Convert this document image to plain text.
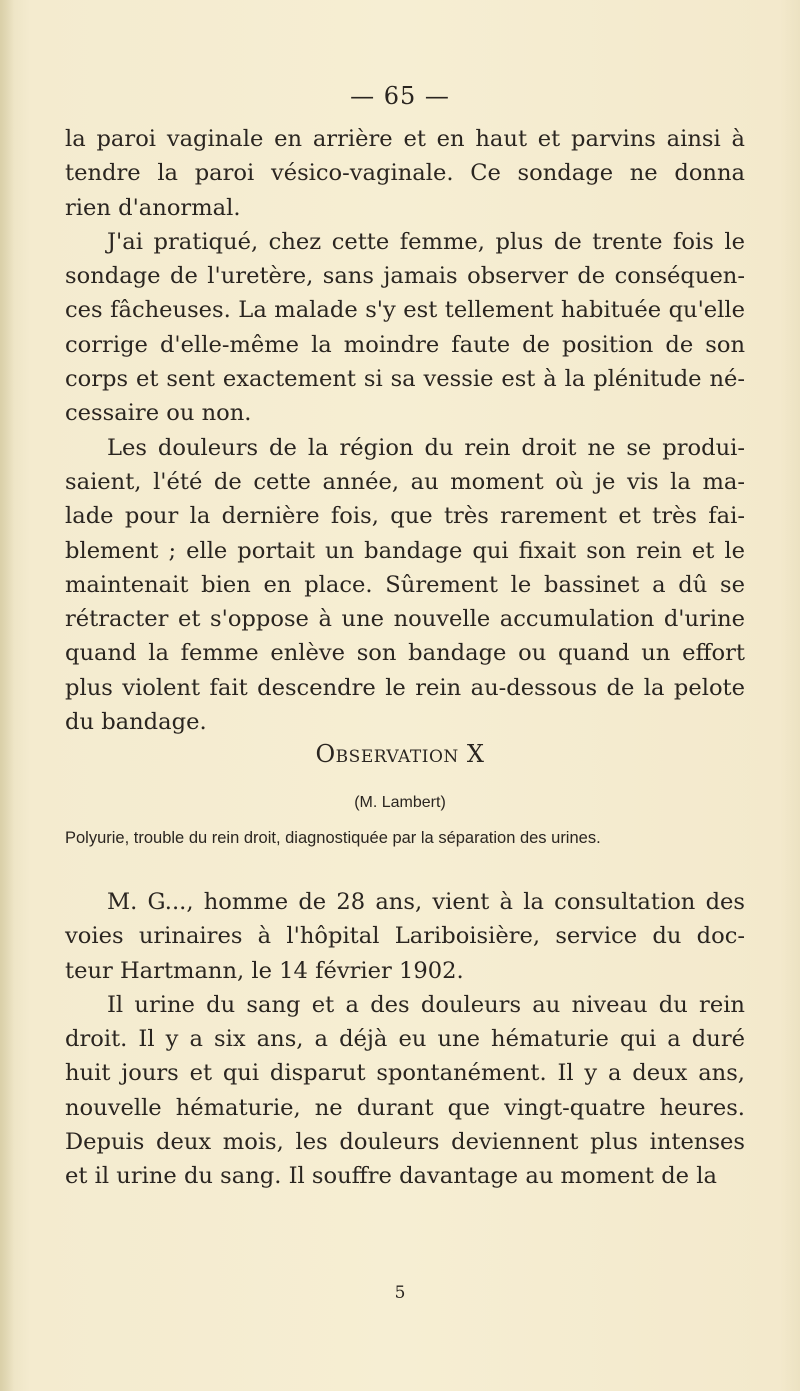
— 65 —

la paroi vaginale en arrière et en haut et parvins ainsi à
tendre la paroi vésico-vaginale. Ce sondage ne donna
rien d'anormal.

J'ai pratiqué, chez cette femme, plus de trente fois le
sondage de l'uretère, sans jamais observer de conséquen-
ces fâcheuses. La malade s'y est tellement habituée qu'elle
corrige d'elle-même la moindre faute de position de son
corps et sent exactement si sa vessie est à la plénitude né-
cessaire ou non.

Les douleurs de la région du rein droit ne se produi-
saient, l'été de cette année, au moment où je vis la ma-
lade pour la dernière fois, que très rarement et très fai-
blement ; elle portait un bandage qui fixait son rein et le
maintenait bien en place. Sûrement le bassinet a dû se
rétracter et s'oppose à une nouvelle accumulation d'urine
quand la femme enlève son bandage ou quand un effort
plus violent fait descendre le rein au-dessous de la pelote
du bandage.

Observation X
(M. Lambert)
Polyurie, trouble du rein droit, diagnostiquée par la séparation des urines.

M. G..., homme de 28 ans, vient à la consultation des
voies urinaires à l'hôpital Lariboisière, service du doc-
teur Hartmann, le 14 février 1902.

Il urine du sang et a des douleurs au niveau du rein
droit. Il y a six ans, a déjà eu une hématurie qui a duré
huit jours et qui disparut spontanément. Il y a deux ans,
nouvelle hématurie, ne durant que vingt-quatre heures.
Depuis deux mois, les douleurs deviennent plus intenses
et il urine du sang. Il souffre davantage au moment de la

5
